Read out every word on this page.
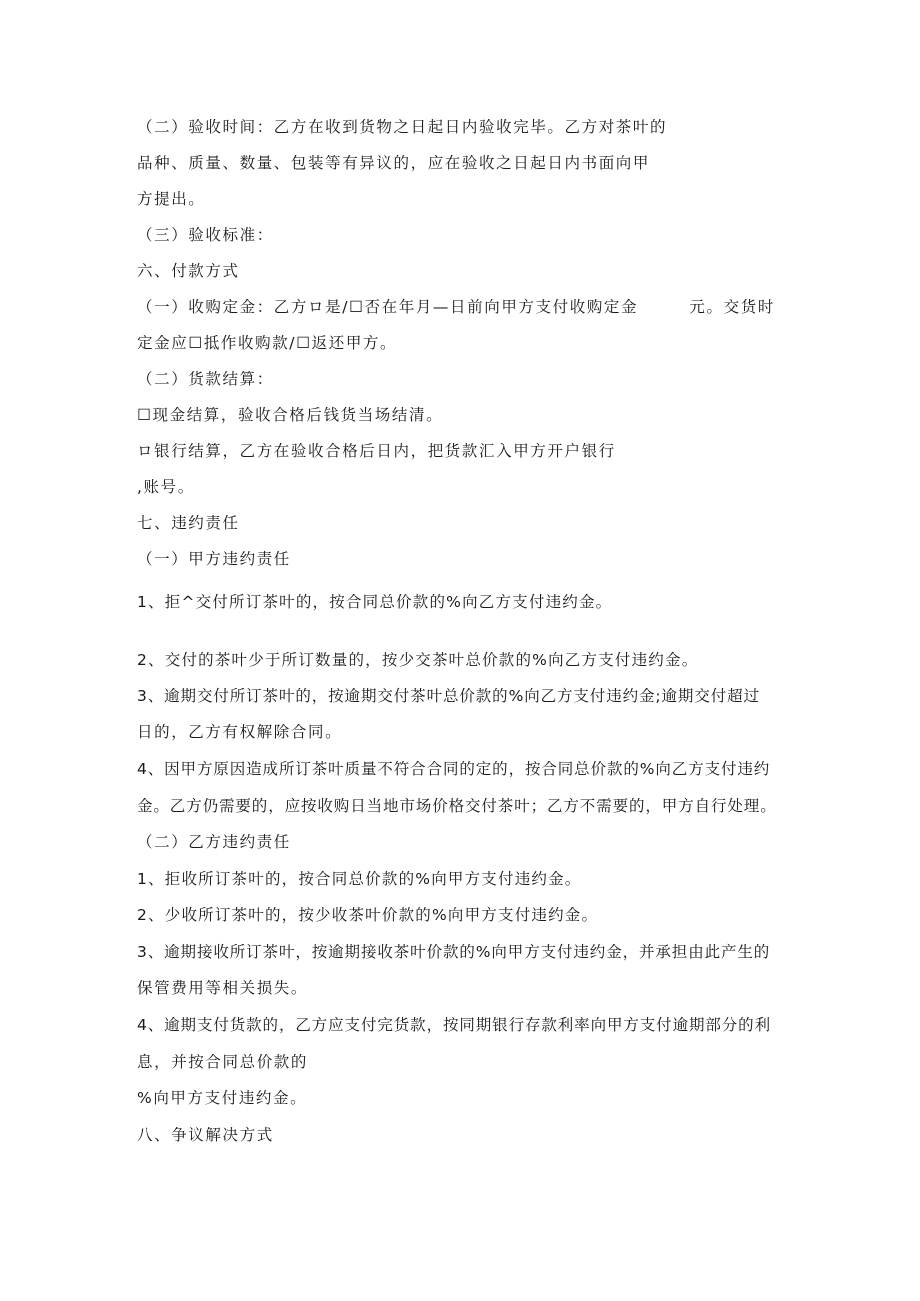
（二）验收时间：乙方在收到货物之日起日内验收完毕。乙方对茶叶的
品种、质量、数量、包装等有异议的，应在验收之日起日内书面向甲
方提出。
（三）验收标准：
六、付款方式
（一）收购定金：乙方ロ是/☐否在年月—日前向甲方支付收购定金　　　元。交货时
定金应☐抵作收购款/☐返还甲方。
（二）货款结算：
☐现金结算，验收合格后钱货当场结清。
ロ银行结算，乙方在验收合格后日内，把货款汇入甲方开户银行
,账号。
七、违约责任
（一）甲方违约责任
1、拒^交付所订茶叶的，按合同总价款的%向乙方支付违约金。
2、交付的茶叶少于所订数量的，按少交茶叶总价款的%向乙方支付违约金。
3、逾期交付所订茶叶的，按逾期交付茶叶总价款的%向乙方支付违约金;逾期交付超过
日的，乙方有权解除合同。
4、因甲方原因造成所订茶叶质量不符合合同的定的，按合同总价款的%向乙方支付违约
金。乙方仍需要的，应按收购日当地市场价格交付茶叶；乙方不需要的，甲方自行处理。
（二）乙方违约责任
1、拒收所订茶叶的，按合同总价款的%向甲方支付违约金。
2、少收所订茶叶的，按少收茶叶价款的%向甲方支付违约金。
3、逾期接收所订茶叶，按逾期接收茶叶价款的%向甲方支付违约金，并承担由此产生的
保管费用等相关损失。
4、逾期支付货款的，乙方应支付完货款，按同期银行存款利率向甲方支付逾期部分的利
息，并按合同总价款的
%向甲方支付违约金。
八、争议解决方式
